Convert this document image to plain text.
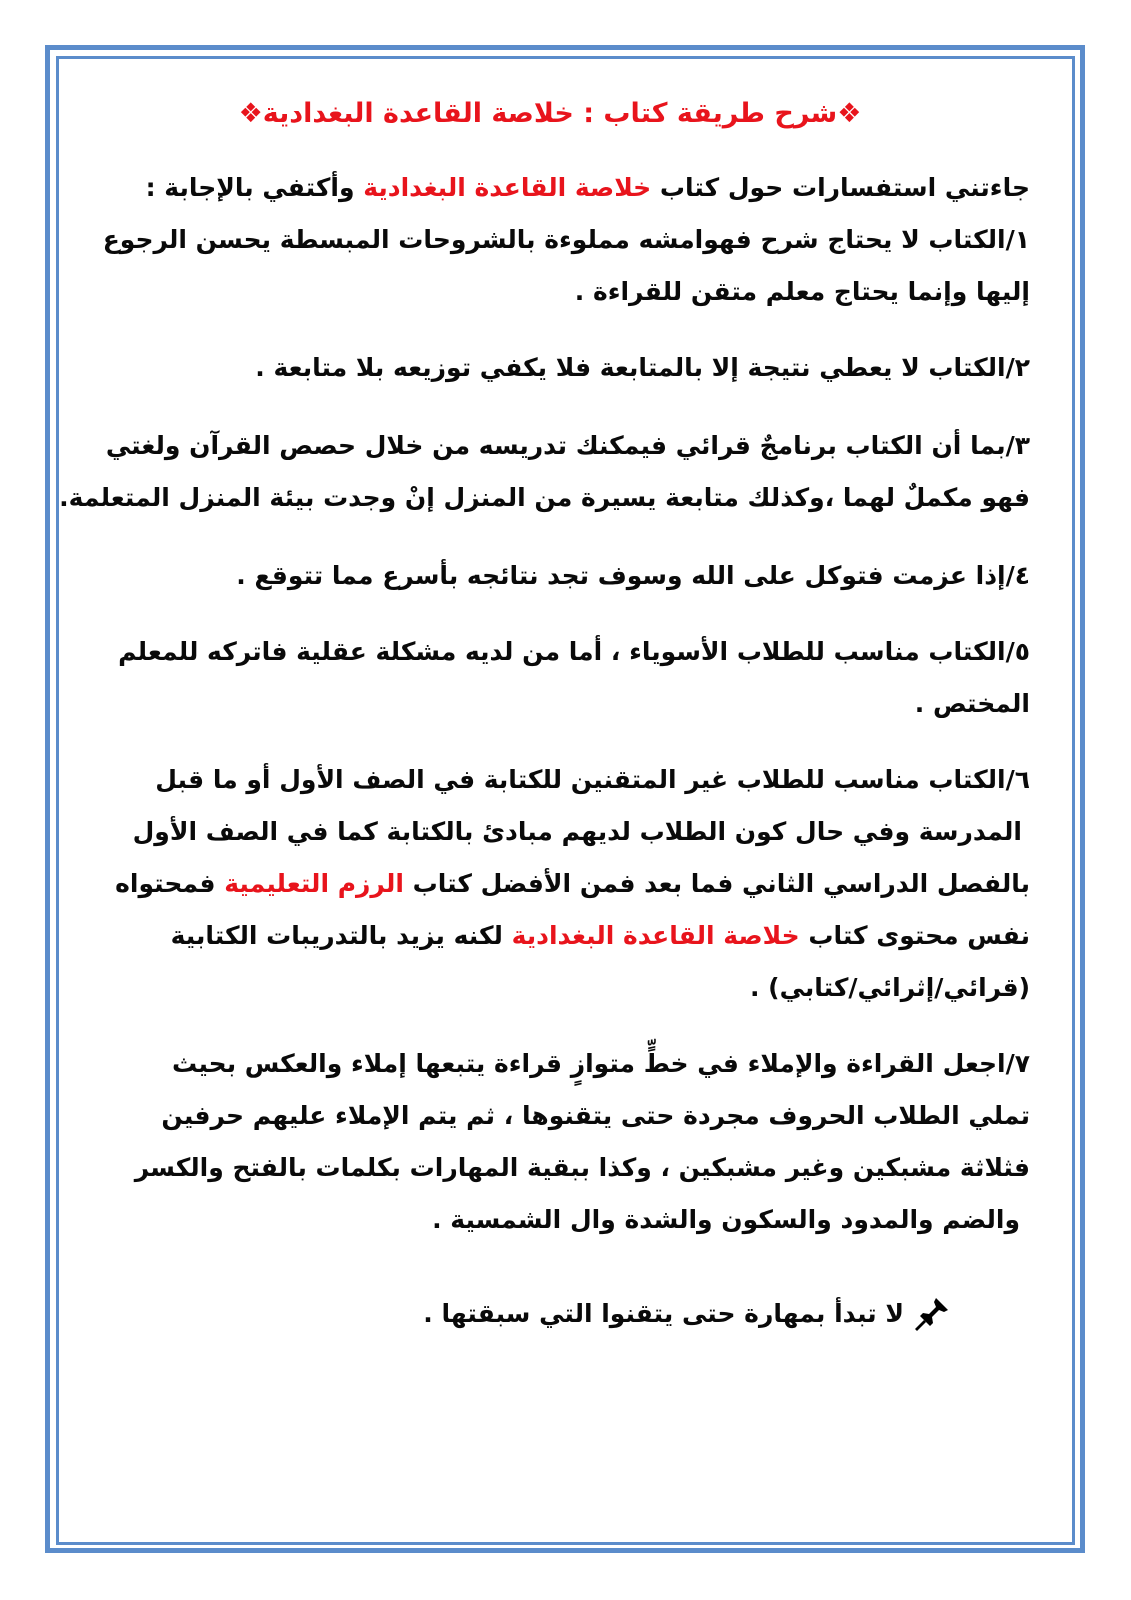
❖شرح طريقة كتاب : خلاصة القاعدة البغدادية❖
جاءتني استفسارات حول كتاب خلاصة القاعدة البغدادية وأكتفي بالإجابة :
١/الكتاب لا يحتاج شرح فهوامشه مملوءة بالشروحات المبسطة يحسن الرجوع
إليها وإنما يحتاج معلم متقن للقراءة .
٢/الكتاب لا يعطي نتيجة إلا بالمتابعة فلا يكفي توزيعه بلا متابعة .
٣/بما أن الكتاب برنامجٌ قرائي فيمكنك تدريسه من خلال حصص القرآن ولغتي
فهو مكملٌ لهما ،وكذلك متابعة يسيرة من المنزل إنْ وجدت بيئة المنزل المتعلمة.
٤/إذا عزمت فتوكل على الله وسوف تجد نتائجه بأسرع مما تتوقع .
٥/الكتاب مناسب للطلاب الأسوياء ، أما من لديه مشكلة عقلية فاتركه للمعلم
المختص .
٦/الكتاب مناسب للطلاب غير المتقنين للكتابة في الصف الأول أو ما قبل
المدرسة وفي حال كون الطلاب لديهم مبادئ بالكتابة كما في الصف الأول
بالفصل الدراسي الثاني فما بعد فمن الأفضل كتاب الرزم التعليمية فمحتواه
نفس محتوى كتاب خلاصة القاعدة البغدادية لكنه يزيد بالتدريبات الكتابية
(قرائي/إثرائي/كتابي) .
٧/اجعل القراءة والإملاء في خطٍّ متوازٍ قراءة يتبعها إملاء والعكس بحيث
تملي الطلاب الحروف مجردة حتى يتقنوها ، ثم يتم الإملاء عليهم حرفين
فثلاثة مشبكين وغير مشبكين ، وكذا ببقية المهارات بكلمات بالفتح والكسر
والضم والمدود والسكون والشدة وال الشمسية .
لا تبدأ بمهارة حتى يتقنوا التي سبقتها .
